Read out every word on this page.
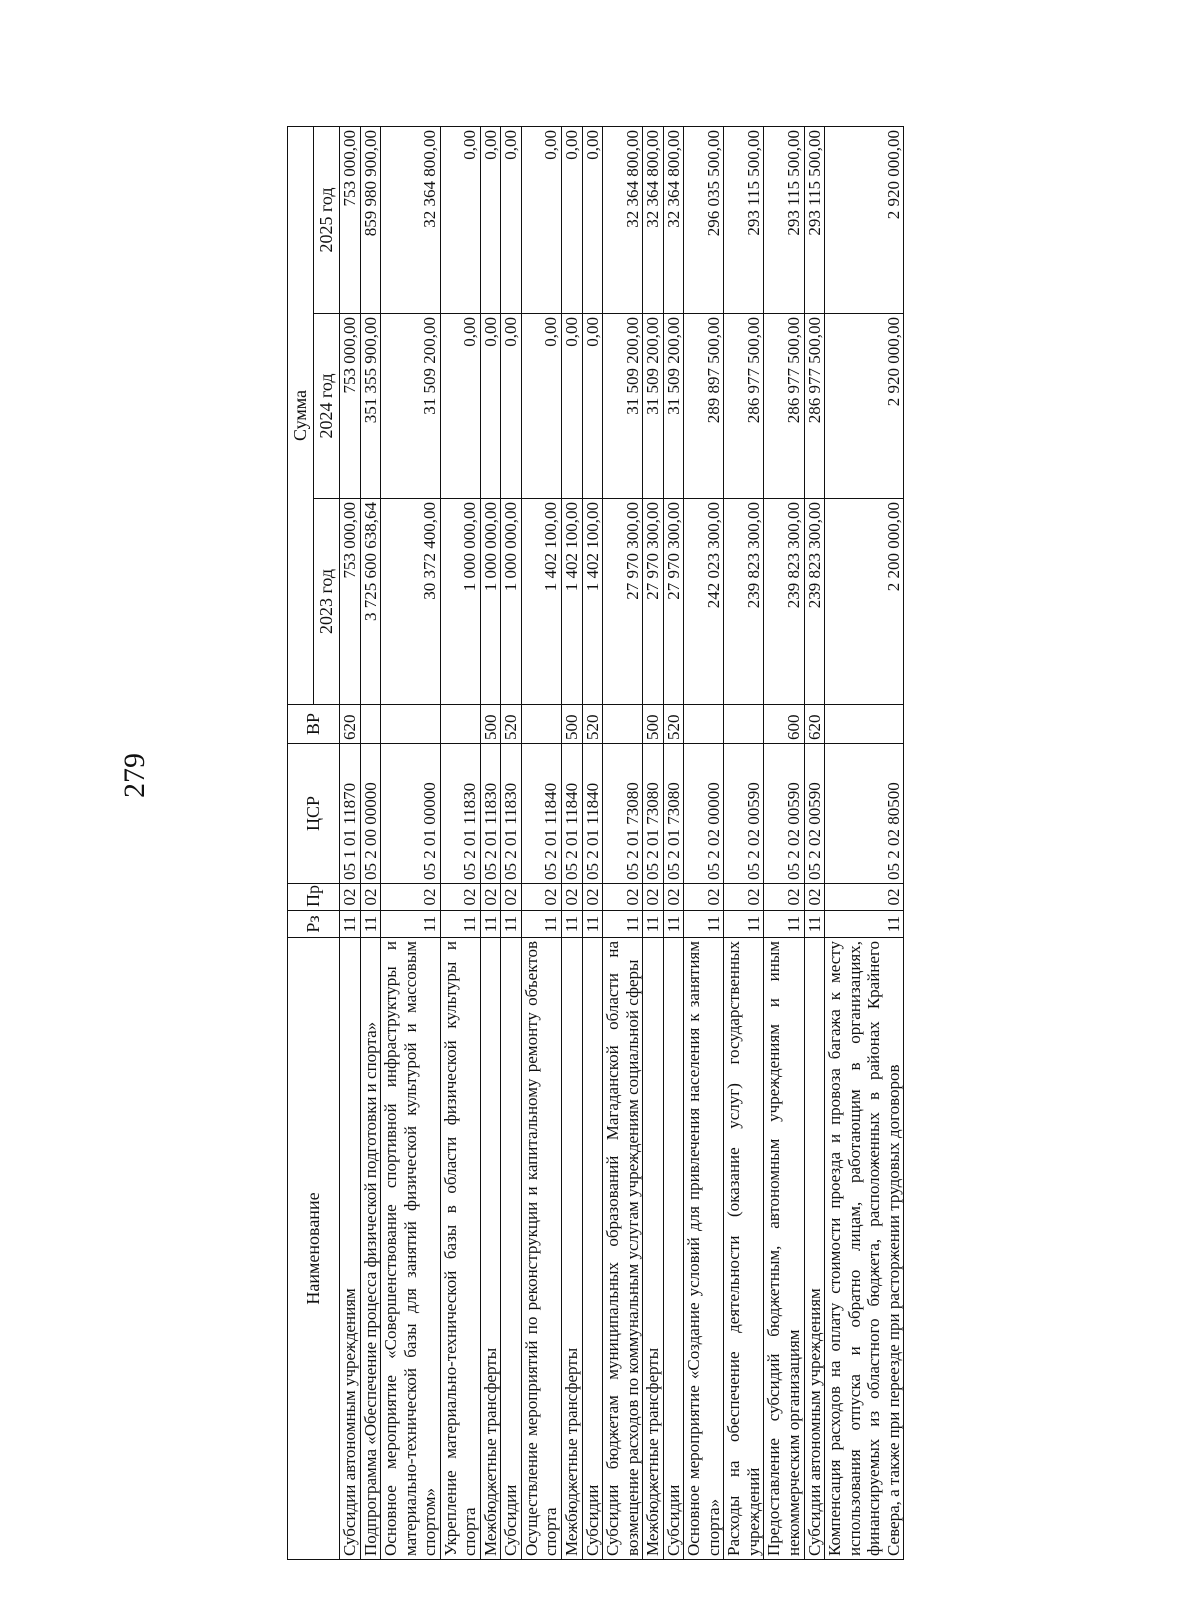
279
Наименование	Рз	Пр	ЦСР	ВР	Сумма		
					2023 год	2024 год	2025 год
Субсидии автономным учреждениям	11	02	05 1 01 11870	620	753 000,00	753 000,00	753 000,00
Подпрограмма «Обеспечение процесса физической подготовки и спорта»	11	02	05 2 00 00000		3 725 600 638,64	351 355 900,00	859 980 900,00
Основное мероприятие «Совершенствование спортивной инфраструктуры и материально-технической базы для занятий физической культурой и массовым спортом»	11	02	05 2 01 00000		30 372 400,00	31 509 200,00	32 364 800,00
Укрепление материально-технической базы в области физической культуры и спорта	11	02	05 2 01 11830		1 000 000,00	0,00	0,00
Межбюджетные трансферты	11	02	05 2 01 11830	500	1 000 000,00	0,00	0,00
Субсидии	11	02	05 2 01 11830	520	1 000 000,00	0,00	0,00
Осуществление мероприятий по реконструкции и капитальному ремонту объектов спорта	11	02	05 2 01 11840		1 402 100,00	0,00	0,00
Межбюджетные трансферты	11	02	05 2 01 11840	500	1 402 100,00	0,00	0,00
Субсидии	11	02	05 2 01 11840	520	1 402 100,00	0,00	0,00
Субсидии бюджетам муниципальных образований Магаданской области на возмещение расходов по коммунальным услугам учреждениям социальной сферы	11	02	05 2 01 73080		27 970 300,00	31 509 200,00	32 364 800,00
Межбюджетные трансферты	11	02	05 2 01 73080	500	27 970 300,00	31 509 200,00	32 364 800,00
Субсидии	11	02	05 2 01 73080	520	27 970 300,00	31 509 200,00	32 364 800,00
Основное мероприятие «Создание условий для привлечения населения к занятиям спорта»	11	02	05 2 02 00000		242 023 300,00	289 897 500,00	296 035 500,00
Расходы на обеспечение деятельности (оказание услуг) государственных учреждений	11	02	05 2 02 00590		239 823 300,00	286 977 500,00	293 115 500,00
Предоставление субсидий бюджетным, автономным учреждениям и иным некоммерческим организациям	11	02	05 2 02 00590	600	239 823 300,00	286 977 500,00	293 115 500,00
Субсидии автономным учреждениям	11	02	05 2 02 00590	620	239 823 300,00	286 977 500,00	293 115 500,00
Компенсация расходов на оплату стоимости проезда и провоза багажа к месту использования отпуска и обратно лицам, работающим в организациях, финансируемых из областного бюджета, расположенных в районах Крайнего Севера, а также при переезде при расторжении трудовых договоров	11	02	05 2 02 80500		2 200 000,00	2 920 000,00	2 920 000,00
